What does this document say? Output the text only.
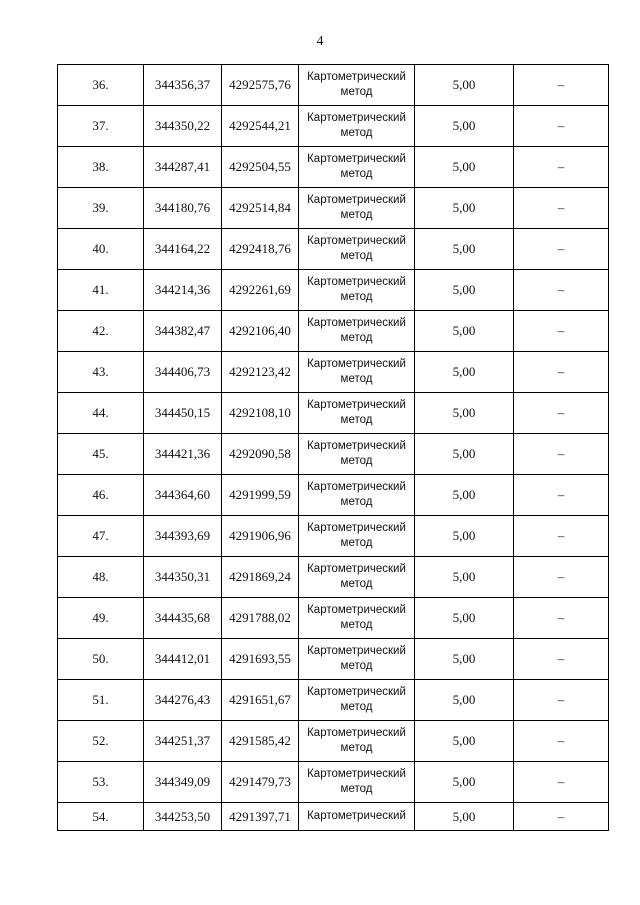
4
36.	344356,37	4292575,76	Картометрический
метод	5,00	–
37.	344350,22	4292544,21	Картометрический
метод	5,00	–
38.	344287,41	4292504,55	Картометрический
метод	5,00	–
39.	344180,76	4292514,84	Картометрический
метод	5,00	–
40.	344164,22	4292418,76	Картометрический
метод	5,00	–
41.	344214,36	4292261,69	Картометрический
метод	5,00	–
42.	344382,47	4292106,40	Картометрический
метод	5,00	–
43.	344406,73	4292123,42	Картометрический
метод	5,00	–
44.	344450,15	4292108,10	Картометрический
метод	5,00	–
45.	344421,36	4292090,58	Картометрический
метод	5,00	–
46.	344364,60	4291999,59	Картометрический
метод	5,00	–
47.	344393,69	4291906,96	Картометрический
метод	5,00	–
48.	344350,31	4291869,24	Картометрический
метод	5,00	–
49.	344435,68	4291788,02	Картометрический
метод	5,00	–
50.	344412,01	4291693,55	Картометрический
метод	5,00	–
51.	344276,43	4291651,67	Картометрический
метод	5,00	–
52.	344251,37	4291585,42	Картометрический
метод	5,00	–
53.	344349,09	4291479,73	Картометрический
метод	5,00	–
54.	344253,50	4291397,71	Картометрический	5,00	–
